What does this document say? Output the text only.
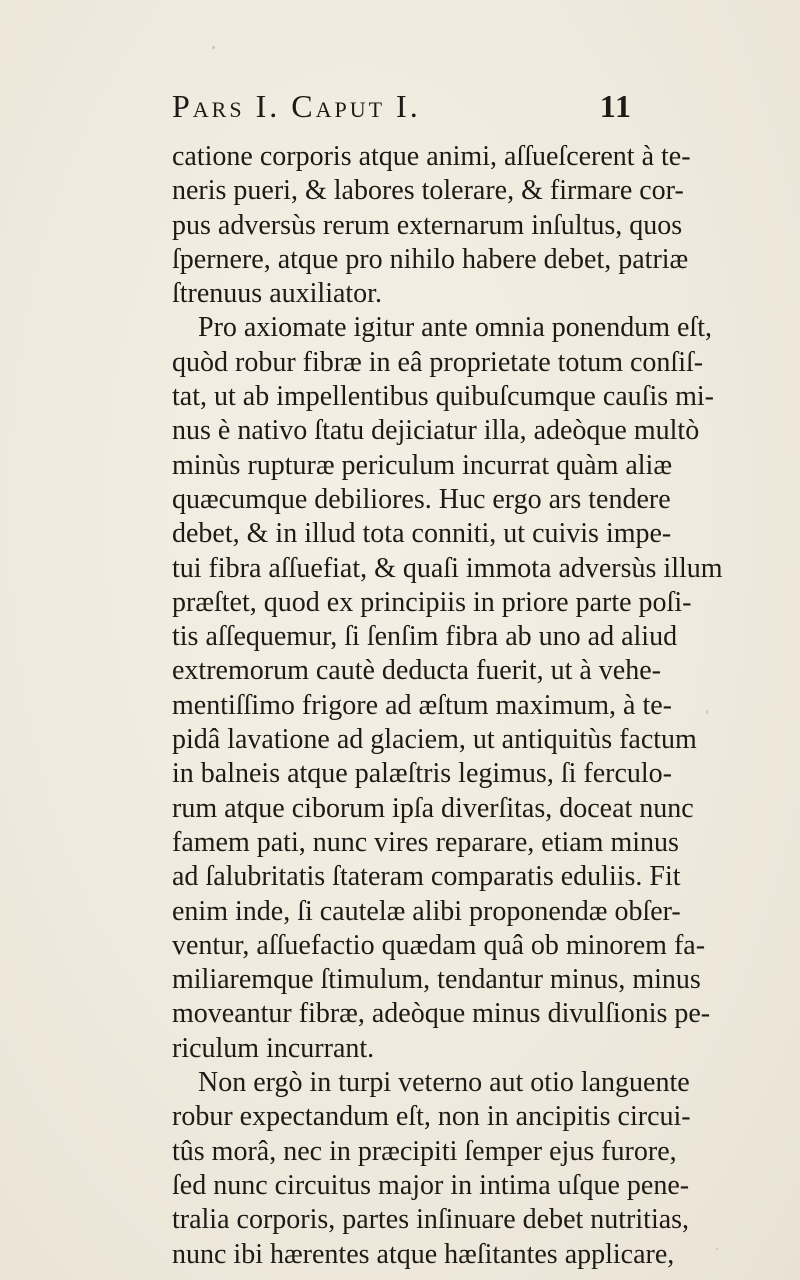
Pars I. Caput I.	11
catione corporis atque animi, aſſueſcerent à te-
neris pueri, & labores tolerare, & firmare cor-
pus adversùs rerum externarum inſultus, quos
ſpernere, atque pro nihilo habere debet, patriæ
ſtrenuus auxiliator.
Pro axiomate igitur ante omnia ponendum eſt,
quòd robur fibræ in eâ proprietate totum conſiſ-
tat, ut ab impellentibus quibuſcumque cauſis mi-
nus è nativo ſtatu dejiciatur illa, adeòque multò
minùs rupturæ periculum incurrat quàm aliæ
quæcumque debiliores. Huc ergo ars tendere
debet, & in illud tota conniti, ut cuivis impe-
tui fibra aſſuefiat, & quaſi immota adversùs illum
præſtet, quod ex principiis in priore parte poſi-
tis aſſequemur, ſi ſenſim fibra ab uno ad aliud
extremorum cautè deducta fuerit, ut à vehe-
mentiſſimo frigore ad æſtum maximum, à te-
pidâ lavatione ad glaciem, ut antiquitùs factum
in balneis atque palæſtris legimus, ſi ferculo-
rum atque ciborum ipſa diverſitas, doceat nunc
famem pati, nunc vires reparare, etiam minus
ad ſalubritatis ſtateram comparatis eduliis. Fit
enim inde, ſi cautelæ alibi proponendæ obſer-
ventur, aſſuefactio quædam quâ ob minorem fa-
miliaremque ſtimulum, tendantur minus, minus
moveantur fibræ, adeòque minus divulſionis pe-
riculum incurrant.
Non ergò in turpi veterno aut otio languente
robur expectandum eſt, non in ancipitis circui-
tûs morâ, nec in præcipiti ſemper ejus furore,
ſed nunc circuitus major in intima uſque pene-
tralia corporis, partes inſinuare debet nutritias,
nunc ibi hærentes atque hæſitantes applicare,
